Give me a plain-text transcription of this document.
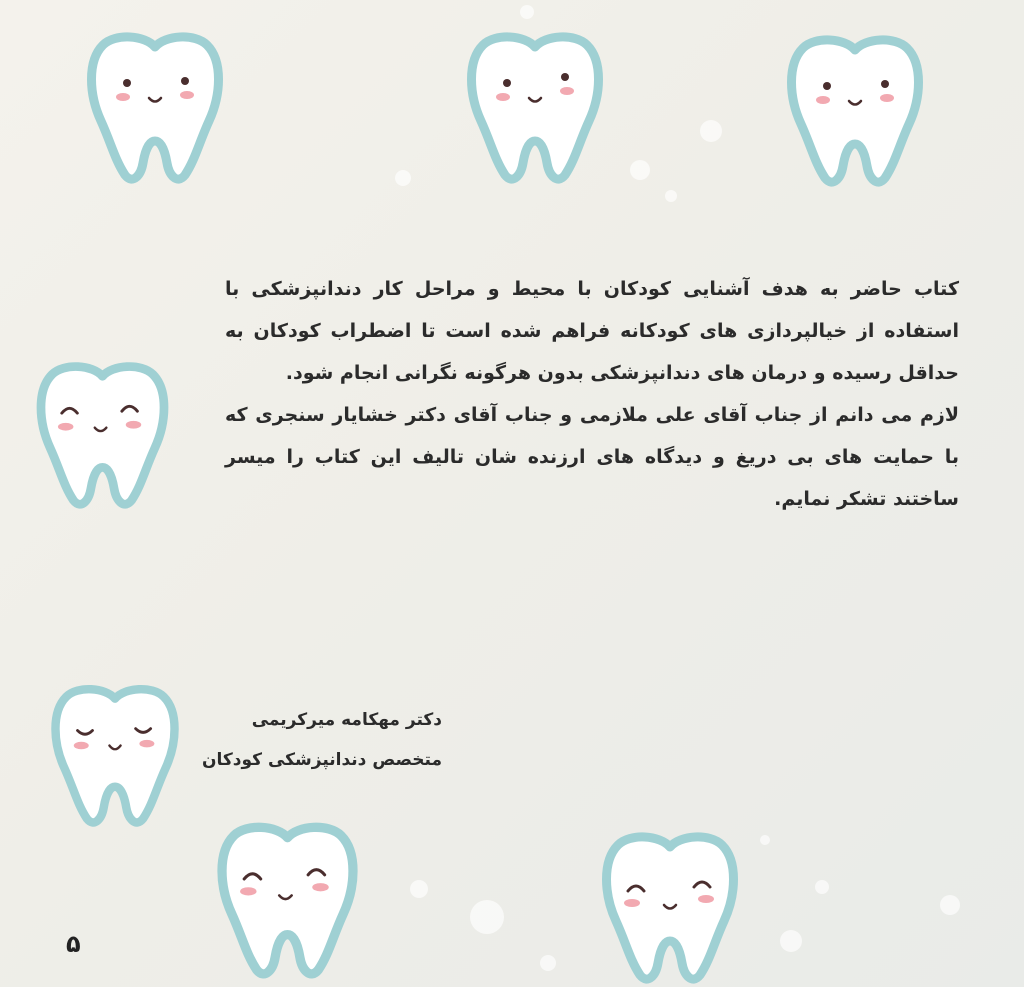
کتاب حاضر به هدف آشنایی کودکان با محیط و مراحل کار دندانپزشکی با استفاده از خیالپردازی های کودکانه فراهم شده است تا اضطراب کودکان به حداقل رسیده و درمان های دندانپزشکی بدون هرگونه نگرانی انجام شود.

لازم می دانم از جناب آقای علی ملازمی و جناب آقای دکتر خشایار سنجری که با حمایت های بی دریغ و دیدگاه های ارزنده شان تالیف این کتاب را میسر ساختند تشکر نمایم.

دکتر مهکامه میرکریمی
متخصص دندانپزشکی کودکان
۵
